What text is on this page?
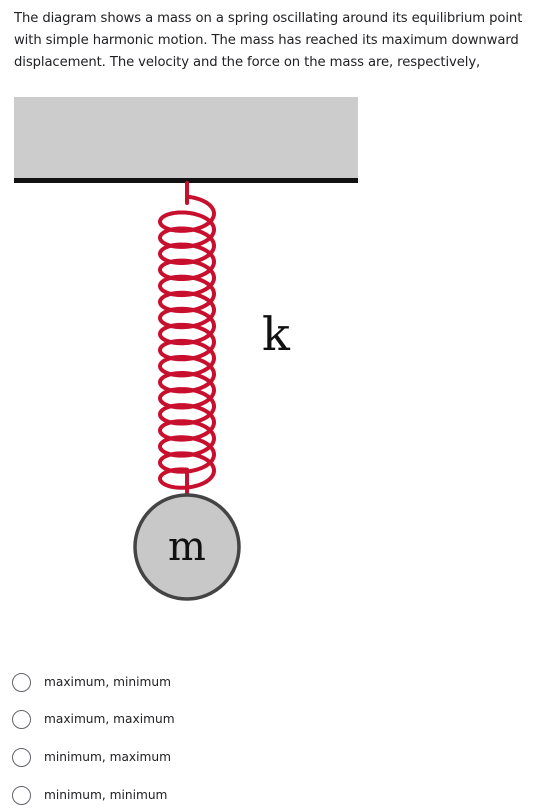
The diagram shows a mass on a spring oscillating around its equilibrium point with simple harmonic motion. The mass has reached its maximum downward displacement. The velocity and the force on the mass are, respectively,

k
m
maximum, minimum
maximum, maximum
minimum, maximum
minimum, minimum
